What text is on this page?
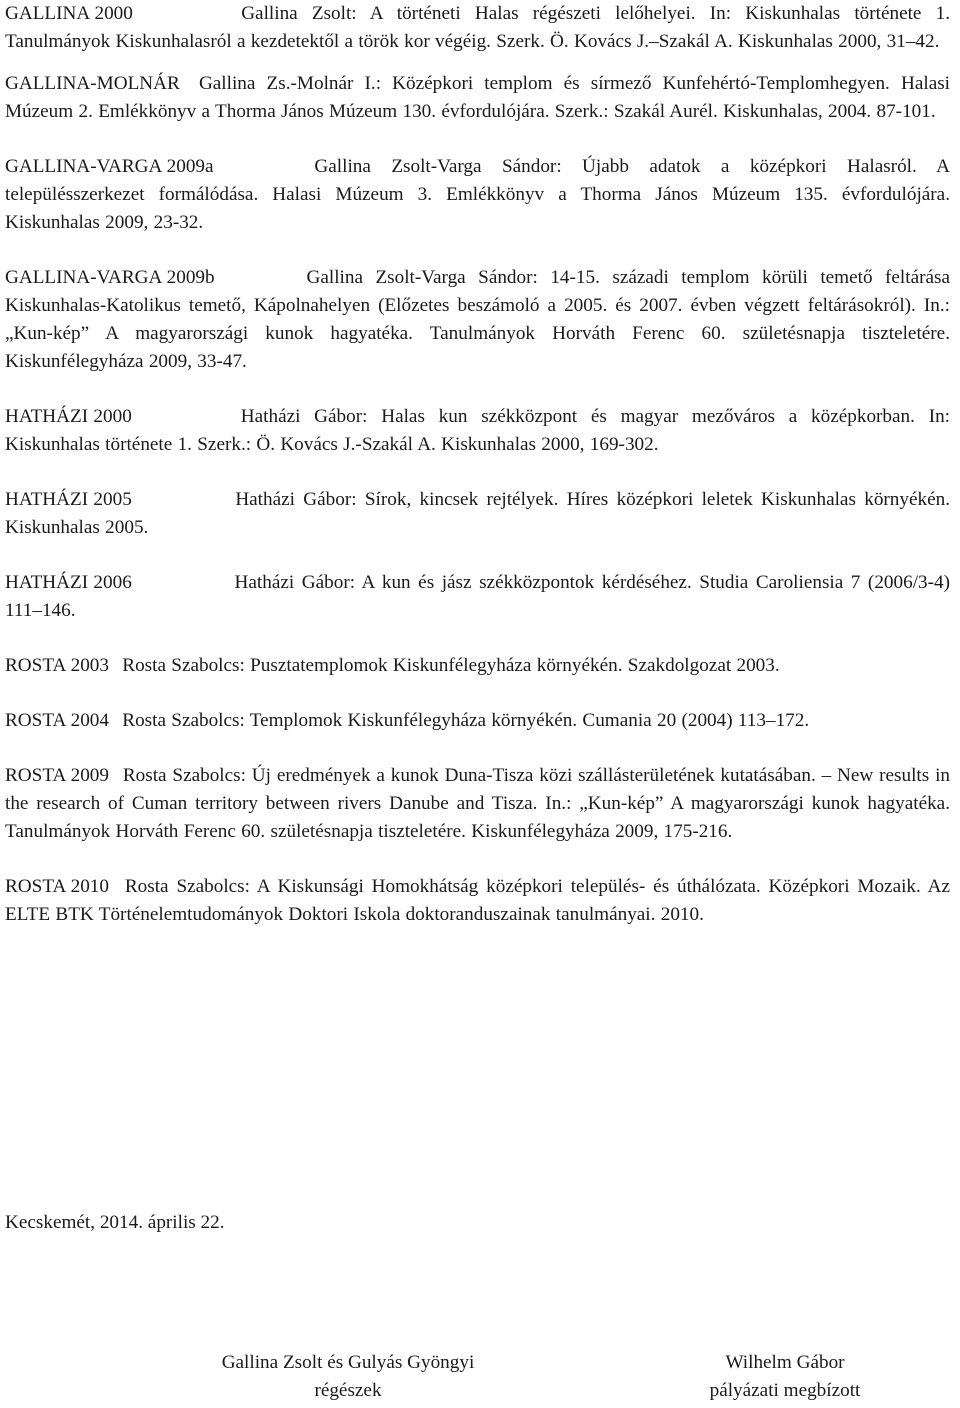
GALLINA 2000	Gallina Zsolt: A történeti Halas régészeti lelőhelyei. In: Kiskunhalas története 1. Tanulmányok Kiskunhalasról a kezdetektől a török kor végéig. Szerk. Ö. Kovács J.–Szakál A. Kiskunhalas 2000, 31–42.

GALLINA-MOLNÁR Gallina Zs.-Molnár I.: Középkori templom és sírmező Kunfehértó-Templomhegyen. Halasi Múzeum 2. Emlékkönyv a Thorma János Múzeum 130. évfordulójára. Szerk.: Szakál Aurél. Kiskunhalas, 2004. 87-101.

GALLINA-VARGA 2009a	Gallina Zsolt-Varga Sándor: Újabb adatok a középkori Halasról. A településszerkezet formálódása. Halasi Múzeum 3. Emlékkönyv a Thorma János Múzeum 135. évfordulójára. Kiskunhalas 2009, 23-32.

GALLINA-VARGA 2009b	Gallina Zsolt-Varga Sándor: 14-15. századi templom körüli temető feltárása Kiskunhalas-Katolikus temető, Kápolnahelyen (Előzetes beszámoló a 2005. és 2007. évben végzett feltárásokról). In.: „Kun-kép” A magyarországi kunok hagyatéka. Tanulmányok Horváth Ferenc 60. születésnapja tiszteletére. Kiskunfélegyháza 2009, 33-47.

HATHÁZI 2000	Hatházi Gábor: Halas kun székközpont és magyar mezőváros a középkorban. In: Kiskunhalas története 1. Szerk.: Ö. Kovács J.-Szakál A. Kiskunhalas 2000, 169-302.

HATHÁZI 2005	Hatházi Gábor: Sírok, kincsek rejtélyek. Híres középkori leletek Kiskunhalas környékén. Kiskunhalas 2005.

HATHÁZI 2006	Hatházi Gábor: A kun és jász székközpontok kérdéséhez. Studia Caroliensia 7 (2006/3-4) 111–146.

ROSTA 2003 Rosta Szabolcs: Pusztatemplomok Kiskunfélegyháza környékén. Szakdolgozat 2003.

ROSTA 2004 Rosta Szabolcs: Templomok Kiskunfélegyháza környékén. Cumania 20 (2004) 113–172.

ROSTA 2009 Rosta Szabolcs: Új eredmények a kunok Duna-Tisza közi szállásterületének kutatásában. – New results in the research of Cuman territory between rivers Danube and Tisza. In.: „Kun-kép” A magyarországi kunok hagyatéka. Tanulmányok Horváth Ferenc 60. születésnapja tiszteletére. Kiskunfélegyháza 2009, 175-216.

ROSTA 2010 Rosta Szabolcs: A Kiskunsági Homokhátság középkori település- és úthálózata. Középkori Mozaik. Az ELTE BTK Történelemtudományok Doktori Iskola doktoranduszainak tanulmányai. 2010.

Kecskemét, 2014. április 22.
Gallina Zsolt és Gulyás Gyöngyi
régészek
Wilhelm Gábor
pályázati megbízott
